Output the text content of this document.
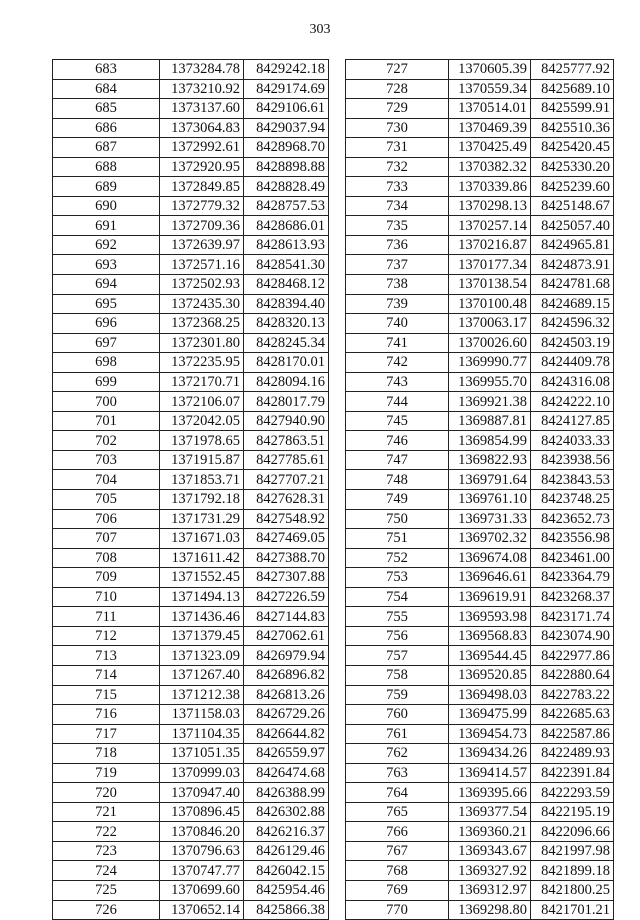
303
683	1373284.78	8429242.18
684	1373210.92	8429174.69
685	1373137.60	8429106.61
686	1373064.83	8429037.94
687	1372992.61	8428968.70
688	1372920.95	8428898.88
689	1372849.85	8428828.49
690	1372779.32	8428757.53
691	1372709.36	8428686.01
692	1372639.97	8428613.93
693	1372571.16	8428541.30
694	1372502.93	8428468.12
695	1372435.30	8428394.40
696	1372368.25	8428320.13
697	1372301.80	8428245.34
698	1372235.95	8428170.01
699	1372170.71	8428094.16
700	1372106.07	8428017.79
701	1372042.05	8427940.90
702	1371978.65	8427863.51
703	1371915.87	8427785.61
704	1371853.71	8427707.21
705	1371792.18	8427628.31
706	1371731.29	8427548.92
707	1371671.03	8427469.05
708	1371611.42	8427388.70
709	1371552.45	8427307.88
710	1371494.13	8427226.59
711	1371436.46	8427144.83
712	1371379.45	8427062.61
713	1371323.09	8426979.94
714	1371267.40	8426896.82
715	1371212.38	8426813.26
716	1371158.03	8426729.26
717	1371104.35	8426644.82
718	1371051.35	8426559.97
719	1370999.03	8426474.68
720	1370947.40	8426388.99
721	1370896.45	8426302.88
722	1370846.20	8426216.37
723	1370796.63	8426129.46
724	1370747.77	8426042.15
725	1370699.60	8425954.46
726	1370652.14	8425866.38
727	1370605.39	8425777.92
728	1370559.34	8425689.10
729	1370514.01	8425599.91
730	1370469.39	8425510.36
731	1370425.49	8425420.45
732	1370382.32	8425330.20
733	1370339.86	8425239.60
734	1370298.13	8425148.67
735	1370257.14	8425057.40
736	1370216.87	8424965.81
737	1370177.34	8424873.91
738	1370138.54	8424781.68
739	1370100.48	8424689.15
740	1370063.17	8424596.32
741	1370026.60	8424503.19
742	1369990.77	8424409.78
743	1369955.70	8424316.08
744	1369921.38	8424222.10
745	1369887.81	8424127.85
746	1369854.99	8424033.33
747	1369822.93	8423938.56
748	1369791.64	8423843.53
749	1369761.10	8423748.25
750	1369731.33	8423652.73
751	1369702.32	8423556.98
752	1369674.08	8423461.00
753	1369646.61	8423364.79
754	1369619.91	8423268.37
755	1369593.98	8423171.74
756	1369568.83	8423074.90
757	1369544.45	8422977.86
758	1369520.85	8422880.64
759	1369498.03	8422783.22
760	1369475.99	8422685.63
761	1369454.73	8422587.86
762	1369434.26	8422489.93
763	1369414.57	8422391.84
764	1369395.66	8422293.59
765	1369377.54	8422195.19
766	1369360.21	8422096.66
767	1369343.67	8421997.98
768	1369327.92	8421899.18
769	1369312.97	8421800.25
770	1369298.80	8421701.21
